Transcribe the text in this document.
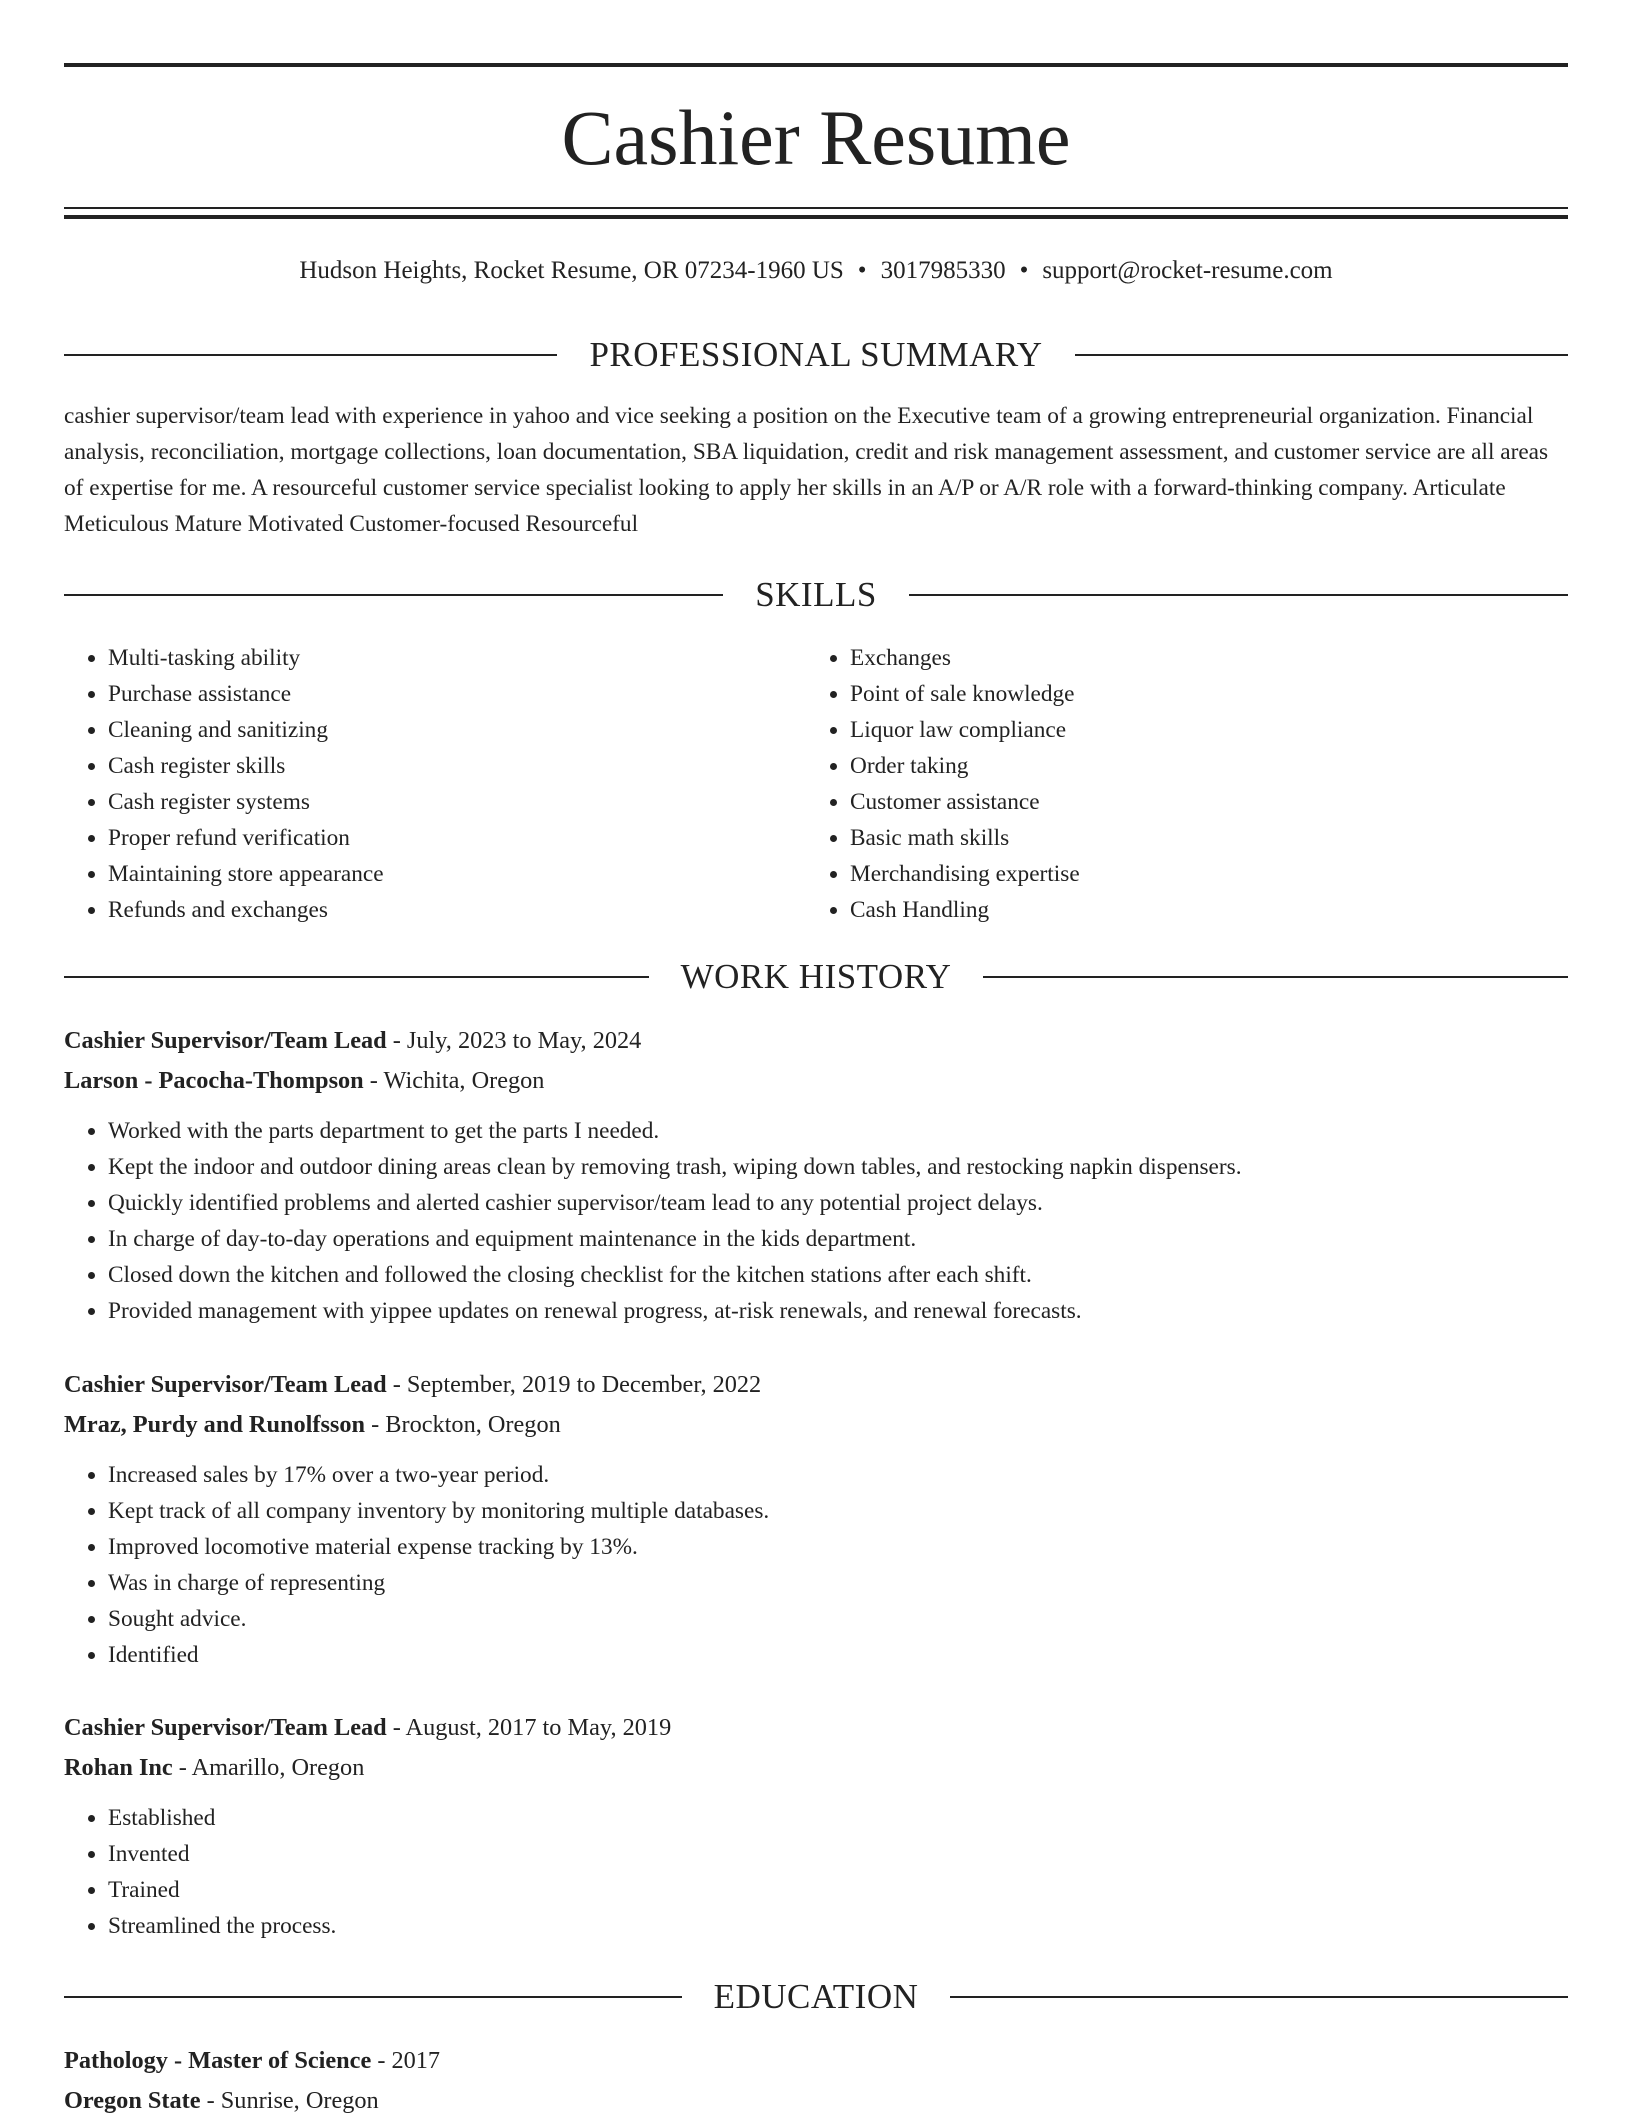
Cashier Resume
Hudson Heights, Rocket Resume, OR 07234-1960 US • 3017985330 • support@rocket-resume.com
PROFESSIONAL SUMMARY
cashier supervisor/team lead with experience in yahoo and vice seeking a position on the Executive team of a growing entrepreneurial organization. Financial analysis, reconciliation, mortgage collections, loan documentation, SBA liquidation, credit and risk management assessment, and customer service are all areas of expertise for me. A resourceful customer service specialist looking to apply her skills in an A/P or A/R role with a forward-thinking company. Articulate Meticulous Mature Motivated Customer-focused Resourceful
SKILLS
• Multi-tasking ability
• Purchase assistance
• Cleaning and sanitizing
• Cash register skills
• Cash register systems
• Proper refund verification
• Maintaining store appearance
• Refunds and exchanges
• Exchanges
• Point of sale knowledge
• Liquor law compliance
• Order taking
• Customer assistance
• Basic math skills
• Merchandising expertise
• Cash Handling
WORK HISTORY
Cashier Supervisor/Team Lead - July, 2023 to May, 2024
Larson - Pacocha-Thompson - Wichita, Oregon
• Worked with the parts department to get the parts I needed.
• Kept the indoor and outdoor dining areas clean by removing trash, wiping down tables, and restocking napkin dispensers.
• Quickly identified problems and alerted cashier supervisor/team lead to any potential project delays.
• In charge of day-to-day operations and equipment maintenance in the kids department.
• Closed down the kitchen and followed the closing checklist for the kitchen stations after each shift.
• Provided management with yippee updates on renewal progress, at-risk renewals, and renewal forecasts.
Cashier Supervisor/Team Lead - September, 2019 to December, 2022
Mraz, Purdy and Runolfsson - Brockton, Oregon
• Increased sales by 17% over a two-year period.
• Kept track of all company inventory by monitoring multiple databases.
• Improved locomotive material expense tracking by 13%.
• Was in charge of representing
• Sought advice.
• Identified
Cashier Supervisor/Team Lead - August, 2017 to May, 2019
Rohan Inc - Amarillo, Oregon
• Established
• Invented
• Trained
• Streamlined the process.
EDUCATION
Pathology - Master of Science - 2017
Oregon State - Sunrise, Oregon
